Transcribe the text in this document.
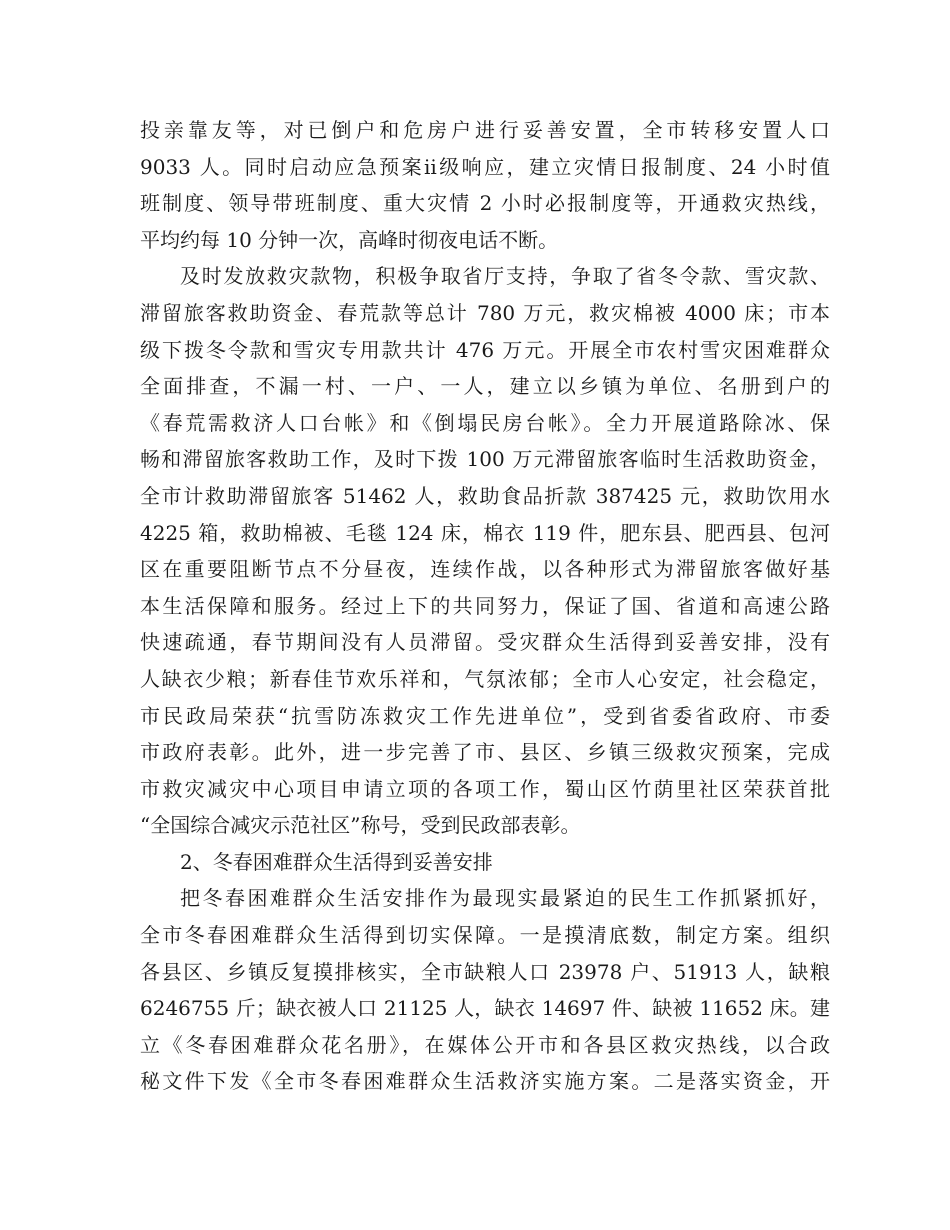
投亲靠友等，对已倒户和危房户进行妥善安置，全市转移安置人口
9033 人。同时启动应急预案ⅱ级响应，建立灾情日报制度、24 小时值
班制度、领导带班制度、重大灾情 2 小时必报制度等，开通救灾热线，
平均约每 10 分钟一次，高峰时彻夜电话不断。
及时发放救灾款物，积极争取省厅支持，争取了省冬令款、雪灾款、
滞留旅客救助资金、春荒款等总计 780 万元，救灾棉被 4000 床；市本
级下拨冬令款和雪灾专用款共计 476 万元。开展全市农村雪灾困难群众
全面排查，不漏一村、一户、一人，建立以乡镇为单位、名册到户的
《春荒需救济人口台帐》和《倒塌民房台帐》。全力开展道路除冰、保
畅和滞留旅客救助工作，及时下拨 100 万元滞留旅客临时生活救助资金，
全市计救助滞留旅客 51462 人，救助食品折款 387425 元，救助饮用水
4225 箱，救助棉被、毛毯 124 床，棉衣 119 件，肥东县、肥西县、包河
区在重要阻断节点不分昼夜，连续作战，以各种形式为滞留旅客做好基
本生活保障和服务。经过上下的共同努力，保证了国、省道和高速公路
快速疏通，春节期间没有人员滞留。受灾群众生活得到妥善安排，没有
人缺衣少粮；新春佳节欢乐祥和，气氛浓郁；全市人心安定，社会稳定，
市民政局荣获“抗雪防冻救灾工作先进单位”，受到省委省政府、市委
市政府表彰。此外，进一步完善了市、县区、乡镇三级救灾预案，完成
市救灾减灾中心项目申请立项的各项工作，蜀山区竹荫里社区荣获首批
“全国综合减灾示范社区”称号，受到民政部表彰。
2、冬春困难群众生活得到妥善安排
把冬春困难群众生活安排作为最现实最紧迫的民生工作抓紧抓好，
全市冬春困难群众生活得到切实保障。一是摸清底数，制定方案。组织
各县区、乡镇反复摸排核实，全市缺粮人口 23978 户、51913 人，缺粮
6246755 斤；缺衣被人口 21125 人，缺衣 14697 件、缺被 11652 床。建
立《冬春困难群众花名册》，在媒体公开市和各县区救灾热线，以合政
秘文件下发《全市冬春困难群众生活救济实施方案。二是落实资金，开
